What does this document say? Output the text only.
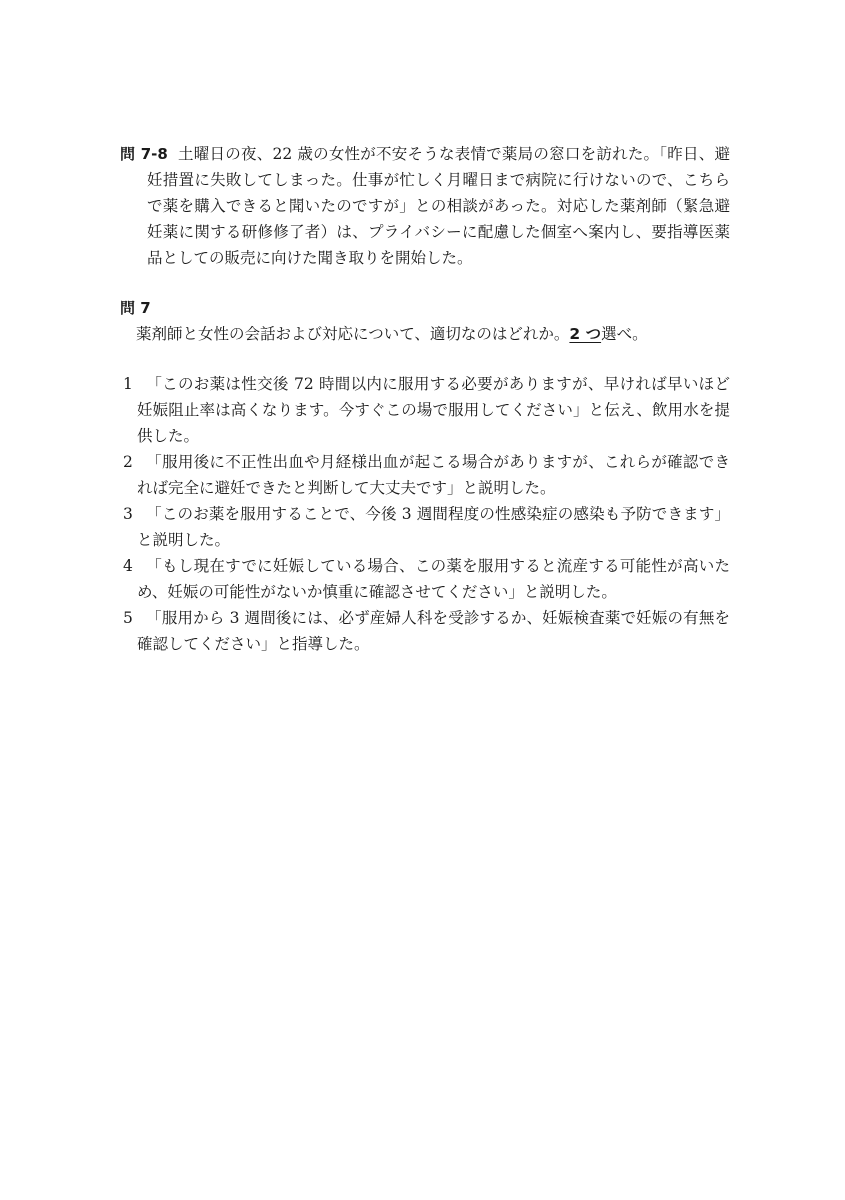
問 7-8 土曜日の夜、22 歳の女性が不安そうな表情で薬局の窓口を訪れた。「昨日、避妊措置に失敗してしまった。仕事が忙しく月曜日まで病院に行けないので、こちらで薬を購入できると聞いたのですが」との相談があった。対応した薬剤師（緊急避妊薬に関する研修修了者）は、プライバシーに配慮した個室へ案内し、要指導医薬品としての販売に向けた聞き取りを開始した。

問 7
薬剤師と女性の会話および対応について、適切なのはどれか。2 つ選べ。
1 「このお薬は性交後 72 時間以内に服用する必要がありますが、早ければ早いほど妊娠阻止率は高くなります。今すぐこの場で服用してください」と伝え、飲用水を提供した。
2 「服用後に不正性出血や月経様出血が起こる場合がありますが、これらが確認できれば完全に避妊できたと判断して大丈夫です」と説明した。
3 「このお薬を服用することで、今後 3 週間程度の性感染症の感染も予防できます」と説明した。
4 「もし現在すでに妊娠している場合、この薬を服用すると流産する可能性が高いため、妊娠の可能性がないか慎重に確認させてください」と説明した。
5 「服用から 3 週間後には、必ず産婦人科を受診するか、妊娠検査薬で妊娠の有無を確認してください」と指導した。
